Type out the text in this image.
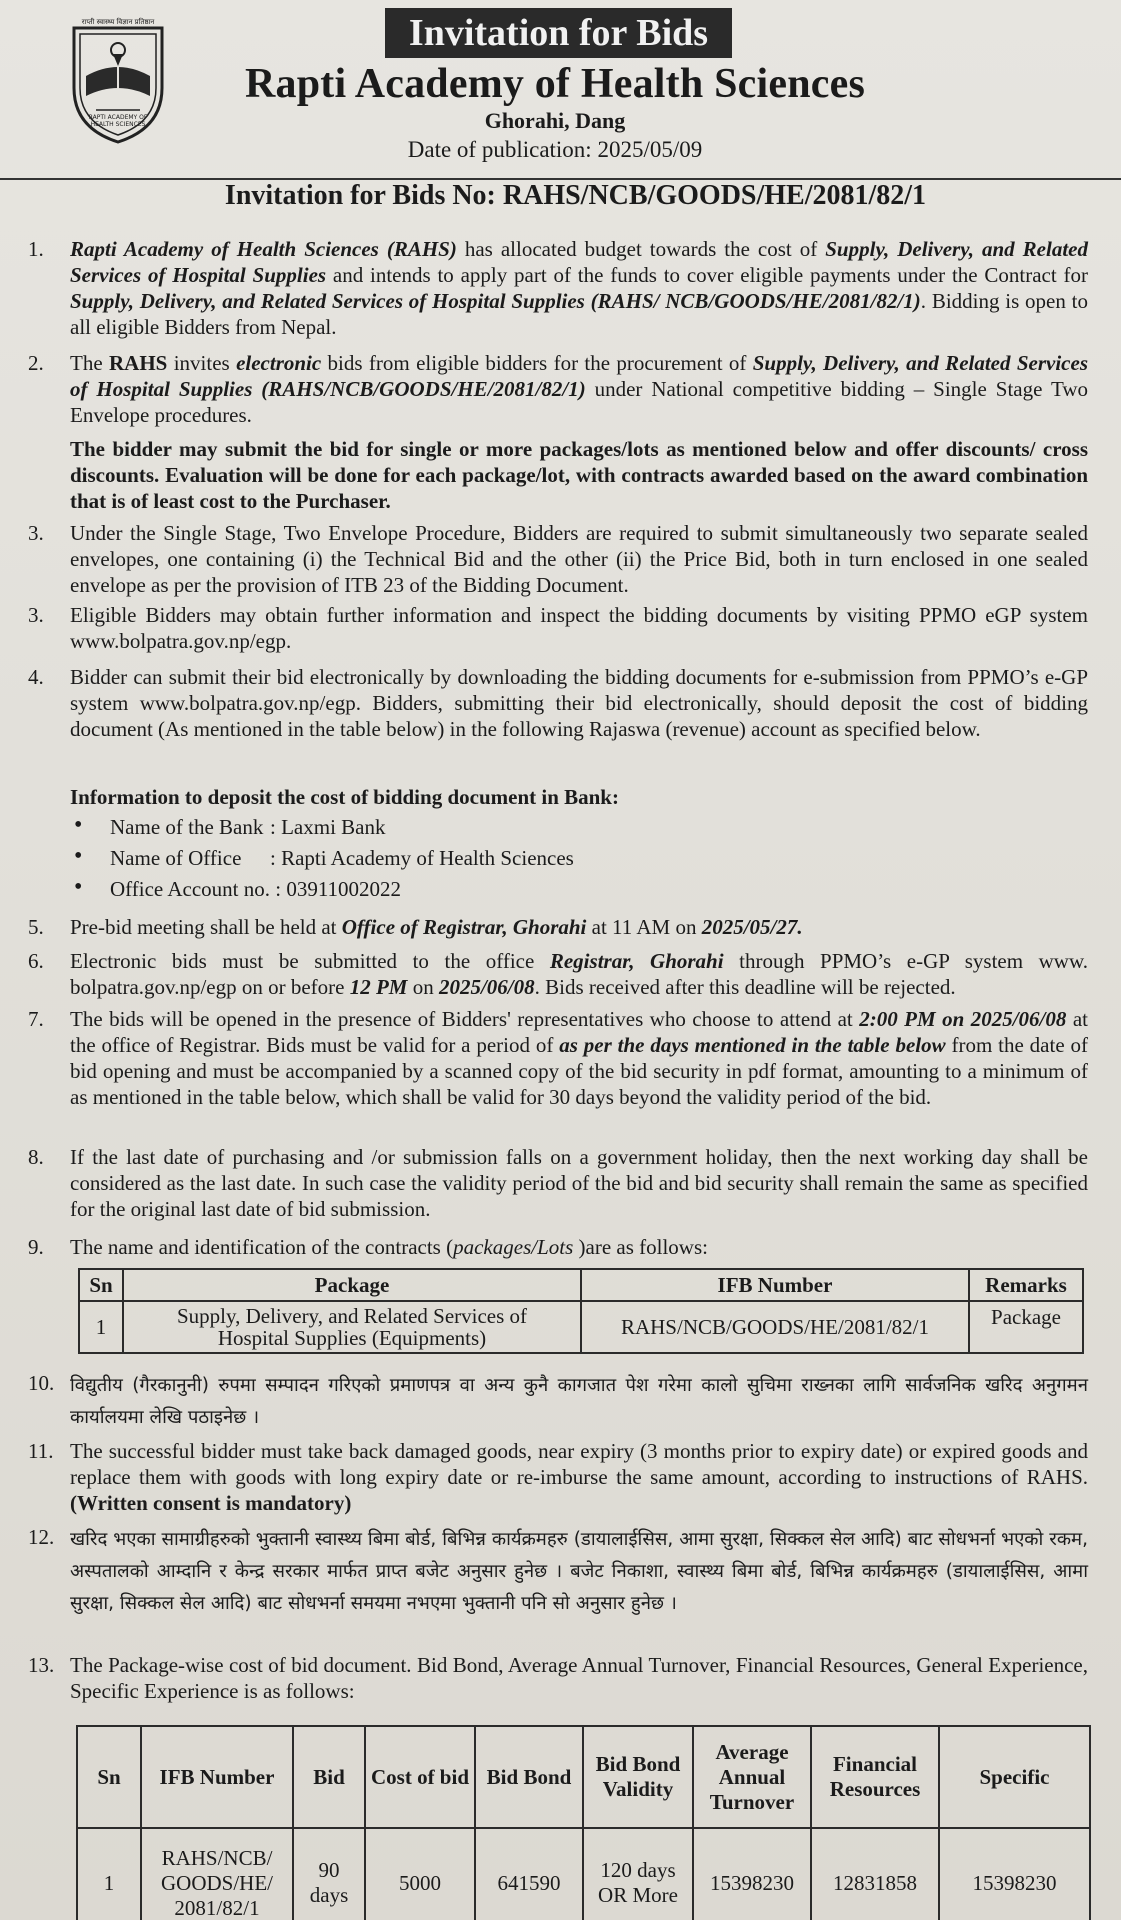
राप्ती स्वास्थ्य विज्ञान प्रतिष्ठान
RAPTI ACADEMY OF
HEALTH SCIENCES
Invitation for Bids
Rapti Academy of Health Sciences
Ghorahi, Dang
Date of publication: 2025/05/09
Invitation for Bids No: RAHS/NCB/GOODS/HE/2081/82/1
1.	Rapti Academy of Health Sciences (RAHS) has allocated budget towards the cost of Supply, Delivery, and Related Services of Hospital Supplies and intends to apply part of the funds to cover eligible payments under the Contract for Supply, Delivery, and Related Services of Hospital Supplies (RAHS/ NCB/GOODS/HE/2081/82/1). Bidding is open to all eligible Bidders from Nepal.
2.	The RAHS invites electronic bids from eligible bidders for the procurement of Supply, Delivery, and Related Services of Hospital Supplies (RAHS/NCB/GOODS/HE/2081/82/1) under National competitive bidding – Single Stage Two Envelope procedures.
The bidder may submit the bid for single or more packages/lots as mentioned below and offer discounts/ cross discounts. Evaluation will be done for each package/lot, with contracts awarded based on the award combination that is of least cost to the Purchaser.
3.	Under the Single Stage, Two Envelope Procedure, Bidders are required to submit simultaneously two separate sealed envelopes, one containing (i) the Technical Bid and the other (ii) the Price Bid, both in turn enclosed in one sealed envelope as per the provision of ITB 23 of the Bidding Document.
3.	Eligible Bidders may obtain further information and inspect the bidding documents by visiting PPMO eGP system www.bolpatra.gov.np/egp.
4.	Bidder can submit their bid electronically by downloading the bidding documents for e-submission from PPMO’s e-GP system www.bolpatra.gov.np/egp. Bidders, submitting their bid electronically, should deposit the cost of bidding document (As mentioned in the table below) in the following Rajaswa (revenue) account as specified below.
Information to deposit the cost of bidding document in Bank:
• Name of the Bank : Laxmi Bank
• Name of Office : Rapti Academy of Health Sciences
• Office Account no. : 03911002022
5.	Pre-bid meeting shall be held at Office of Registrar, Ghorahi at 11 AM on 2025/05/27.
6.	Electronic bids must be submitted to the office Registrar, Ghorahi through PPMO’s e-GP system www. bolpatra.gov.np/egp on or before 12 PM on 2025/06/08. Bids received after this deadline will be rejected.
7.	The bids will be opened in the presence of Bidders' representatives who choose to attend at 2:00 PM on 2025/06/08 at the office of Registrar. Bids must be valid for a period of as per the days mentioned in the table below from the date of bid opening and must be accompanied by a scanned copy of the bid security in pdf format, amounting to a minimum of as mentioned in the table below, which shall be valid for 30 days beyond the validity period of the bid.
8.	If the last date of purchasing and /or submission falls on a government holiday, then the next working day shall be considered as the last date. In such case the validity period of the bid and bid security shall remain the same as specified for the original last date of bid submission.
9.	The name and identification of the contracts (packages/Lots )are as follows:
Sn	Package	IFB Number	Remarks
1	Supply, Delivery, and Related Services of Hospital Supplies (Equipments)	RAHS/NCB/GOODS/HE/2081/82/1	Package
10. विद्युतीय (गैरकानुनी) रुपमा सम्पादन गरिएको प्रमाणपत्र वा अन्य कुनै कागजात पेश गरेमा कालो सुचिमा राख्नका लागि सार्वजनिक खरिद अनुगमन कार्यालयमा लेखि पठाइनेछ ।
11. The successful bidder must take back damaged goods, near expiry (3 months prior to expiry date) or expired goods and replace them with goods with long expiry date or re-imburse the same amount, according to instructions of RAHS. (Written consent is mandatory)
12. खरिद भएका सामाग्रीहरुको भुक्तानी स्वास्थ्य बिमा बोर्ड, बिभिन्न कार्यक्रमहरु (डायालाईसिस, आमा सुरक्षा, सिक्कल सेल आदि) बाट सोधभर्ना भएको रकम, अस्पतालको आम्दानि र केन्द्र सरकार मार्फत प्राप्त बजेट अनुसार हुनेछ । बजेट निकाशा, स्वास्थ्य बिमा बोर्ड, बिभिन्न कार्यक्रमहरु (डायालाईसिस, आमा सुरक्षा, सिक्कल सेल आदि) बाट सोधभर्ना समयमा नभएमा भुक्तानी पनि सो अनुसार हुनेछ ।
13. The Package-wise cost of bid document. Bid Bond, Average Annual Turnover, Financial Resources, General Experience, Specific Experience is as follows:
Sn	IFB Number	Bid	Cost of bid	Bid Bond	Bid Bond Validity	Average Annual Turnover	Financial Resources	Specific
1	RAHS/NCB/ GOODS/HE/ 2081/82/1	90 days	5000	641590	120 days OR More	15398230	12831858	15398230
